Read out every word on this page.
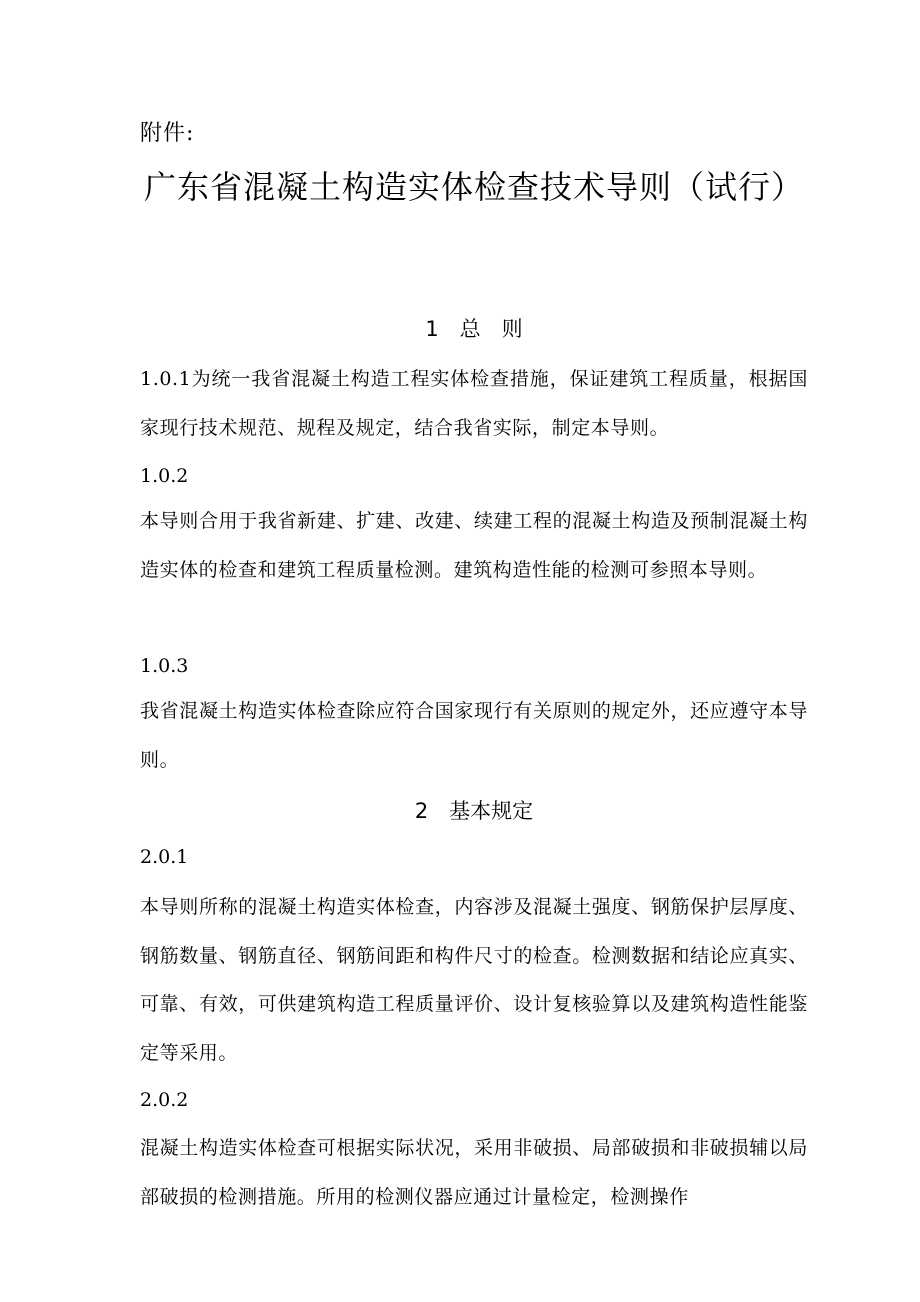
附件:
广东省混凝土构造实体检查技术导则（试行）
1　总　则
1.0.1为统一我省混凝土构造工程实体检查措施，保证建筑工程质量，根据国家现行技术规范、规程及规定，结合我省实际，制定本导则。
1.0.2
本导则合用于我省新建、扩建、改建、续建工程的混凝土构造及预制混凝土构造实体的检查和建筑工程质量检测。建筑构造性能的检测可参照本导则。
1.0.3
我省混凝土构造实体检查除应符合国家现行有关原则的规定外，还应遵守本导则。
2　基本规定
2.0.1
本导则所称的混凝土构造实体检查，内容涉及混凝土强度、钢筋保护层厚度、钢筋数量、钢筋直径、钢筋间距和构件尺寸的检查。检测数据和结论应真实、可靠、有效，可供建筑构造工程质量评价、设计复核验算以及建筑构造性能鉴定等采用。
2.0.2
混凝土构造实体检查可根据实际状况，采用非破损、局部破损和非破损辅以局部破损的检测措施。所用的检测仪器应通过计量检定，检测操作
